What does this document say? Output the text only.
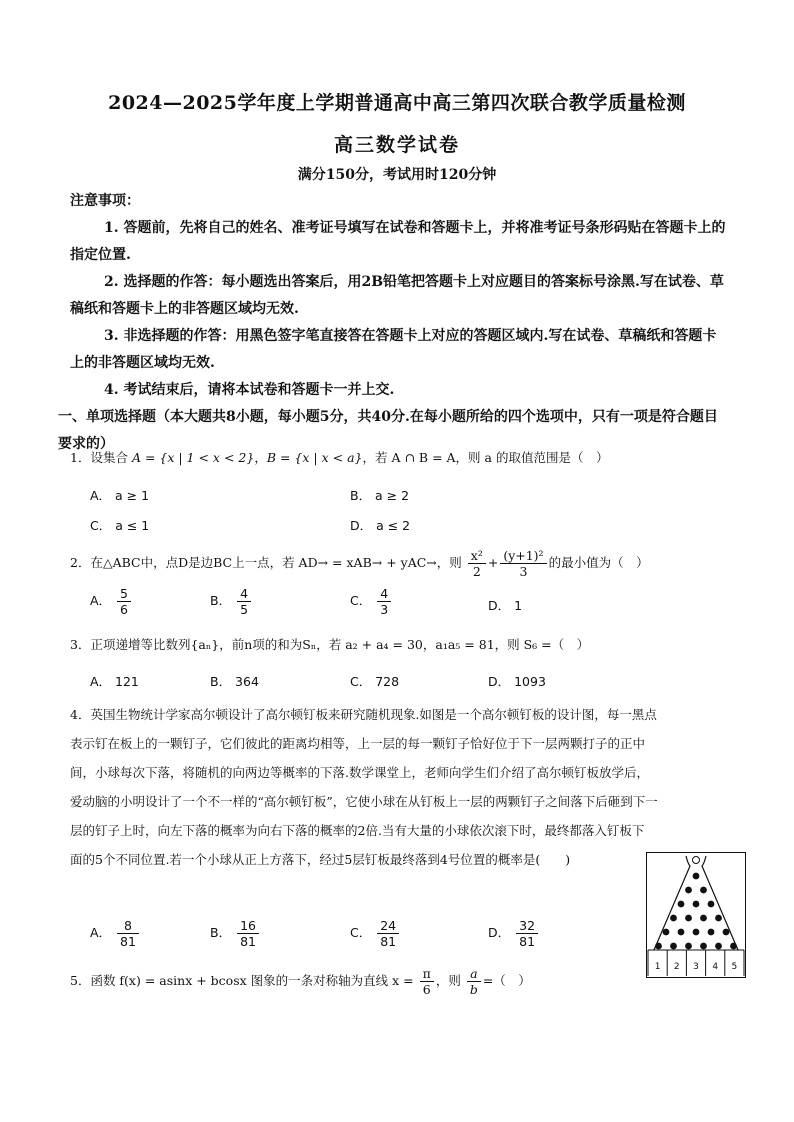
2024—2025学年度上学期普通高中高三第四次联合教学质量检测
高三数学试卷
满分150分，考试用时120分钟

注意事项：

1. 答题前，先将自己的姓名、准考证号填写在试卷和答题卡上，并将准考证号条形码贴在答题卡上的指定位置.

2. 选择题的作答：每小题选出答案后，用2B铅笔把答题卡上对应题目的答案标号涂黑.写在试卷、草稿纸和答题卡上的非答题区域均无效.

3. 非选择题的作答：用黑色签字笔直接答在答题卡上对应的答题区域内.写在试卷、草稿纸和答题卡上的非答题区域均无效.

4. 考试结束后，请将本试卷和答题卡一并上交.

一、单项选择题（本大题共8小题，每小题5分，共40分.在每小题所给的四个选项中，只有一项是符合题目要求的）

1．设集合 A = {x | 1 < x < 2}，B = {x | x < a}，若 A ∩ B = A，则 a 的取值范围是（　）
A． a ≥ 1	B． a ≥ 2
C． a ≤ 1	D． a ≤ 2
2．在△ABC中，点D是边BC上一点，若 AD→ = xAB→ + yAC→，则 $\frac{\text{x²}}{2} + \frac{\text{(y+1)²}}{3}$ 的最小值为（　）
A． $\frac{5}{6}$	B． $\frac{4}{5}$	C． $\frac{4}{3}$	D． 1
3．正项递增等比数列{aₙ}，前n项的和为Sₙ，若 a₂ + a₄ = 30，a₁a₅ = 81，则 S₆ =（　）
A． 121	B． 364	C． 728	D． 1093
4．英国生物统计学家高尔顿设计了高尔顿钉板来研究随机现象.如图是一个高尔顿钉板的设计图，每一黑点
表示钉在板上的一颗钉子，它们彼此的距离均相等，上一层的每一颗钉子恰好位于下一层两颗打子的正中
间，小球每次下落，将随机的向两边等概率的下落.数学课堂上，老师向学生们介绍了高尔顿钉板放学后，
爱动脑的小明设计了一个不一样的“高尔顿钉板”，它使小球在从钉板上一层的两颗钉子之间落下后砸到下一
层的钉子上时，向左下落的概率为向右下落的概率的2倍.当有大量的小球依次滚下时，最终都落入钉板下
面的5个不同位置.若一个小球从正上方落下，经过5层钉板最终落到4号位置的概率是(　　)
A． $\frac{8}{81}$	B． $\frac{16}{81}$	C． $\frac{24}{81}$	D． $\frac{32}{81}$
1 2 3 4 5
5．函数 f(x) = asinx + bcosx 图象的一条对称轴为直线 $x = \frac{\pi}{6}$ ，则 $\frac{a}{b}$ =（　）
